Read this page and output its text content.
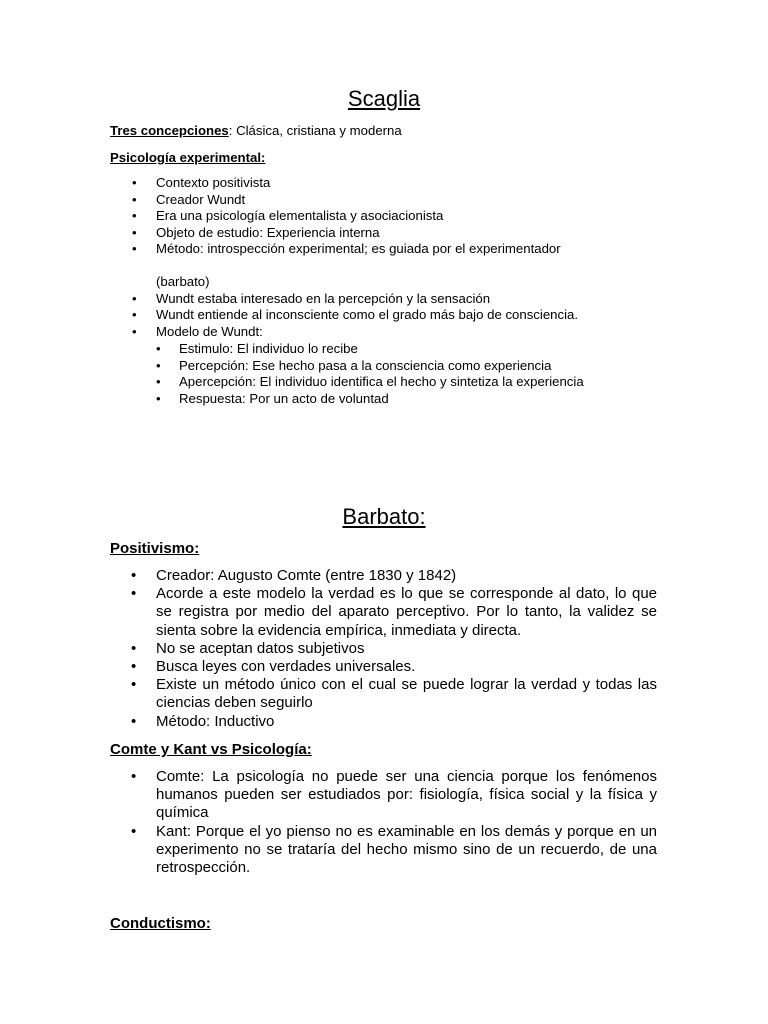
Scaglia
Tres concepciones: Clásica, cristiana y moderna
Psicología experimental:
• Contexto positivista
• Creador Wundt
• Era una psicología elementalista y asociacionista
• Objeto de estudio: Experiencia interna
• Método: introspección experimental; es guiada por el experimentador
(barbato)
• Wundt estaba interesado en la percepción y la sensación
• Wundt entiende al inconsciente como el grado más bajo de consciencia.
• Modelo de Wundt:
• Estimulo: El individuo lo recibe
• Percepción: Ese hecho pasa a la consciencia como experiencia
• Apercepción: El individuo identifica el hecho y sintetiza la experiencia
• Respuesta: Por un acto de voluntad
Barbato:
Positivismo:
• Creador: Augusto Comte (entre 1830 y 1842)
• Acorde a este modelo la verdad es lo que se corresponde al dato, lo que se registra por medio del aparato perceptivo. Por lo tanto, la validez se sienta sobre la evidencia empírica, inmediata y directa.
• No se aceptan datos subjetivos
• Busca leyes con verdades universales.
• Existe un método único con el cual se puede lograr la verdad y todas las ciencias deben seguirlo
• Método: Inductivo
Comte y Kant vs Psicología:
• Comte: La psicología no puede ser una ciencia porque los fenómenos humanos pueden ser estudiados por: fisiología, física social y la física y química
• Kant: Porque el yo pienso no es examinable en los demás y porque en un experimento no se trataría del hecho mismo sino de un recuerdo, de una retrospección.
Conductismo:
